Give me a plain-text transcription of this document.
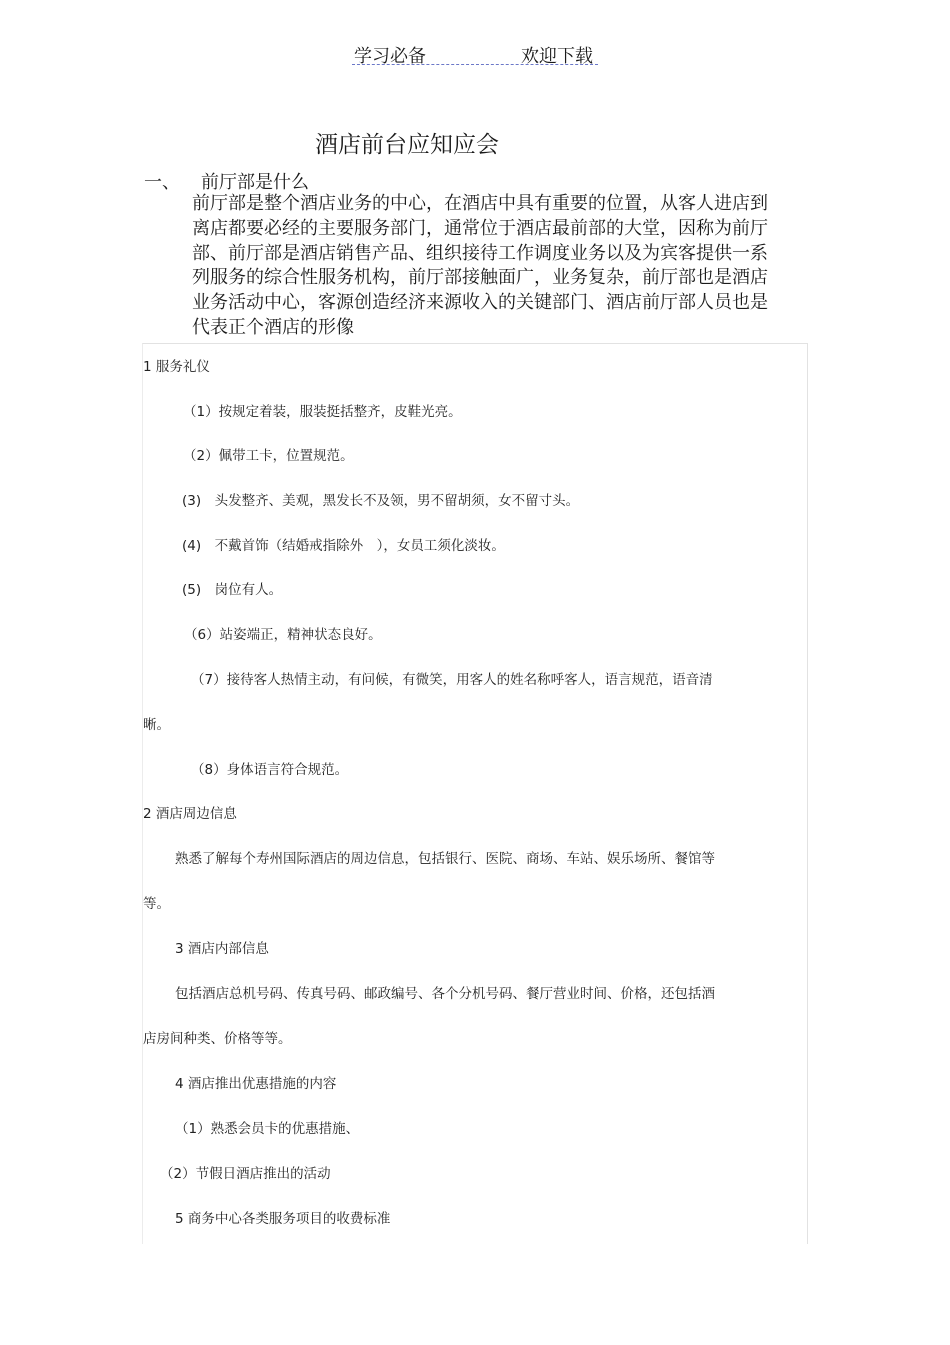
学习必备	欢迎下载
酒店前台应知应会
一、 前厅部是什么
前厅部是整个酒店业务的中心，在酒店中具有重要的位置，从客人进店到
离店都要必经的主要服务部门，通常位于酒店最前部的大堂，因称为前厅
部、前厅部是酒店销售产品、组织接待工作调度业务以及为宾客提供一系
列服务的综合性服务机构，前厅部接触面广，业务复杂，前厅部也是酒店
业务活动中心，客源创造经济来源收入的关键部门、酒店前厅部人员也是
代表正个酒店的形像
1 服务礼仪
（1）按规定着装，服装挺括整齐，皮鞋光亮。
（2）佩带工卡，位置规范。
(3)　头发整齐、美观，黑发长不及领，男不留胡须，女不留寸头。
(4)　不戴首饰（结婚戒指除外　），女员工须化淡妆。
(5)　岗位有人。
（6）站姿端正，精神状态良好。
（7）接待客人热情主动，有问候，有微笑，用客人的姓名称呼客人，语言规范，语音清
晰。
（8）身体语言符合规范。
2 酒店周边信息
熟悉了解每个寿州国际酒店的周边信息，包括银行、医院、商场、车站、娱乐场所、餐馆等
等。
3 酒店内部信息
包括酒店总机号码、传真号码、邮政编号、各个分机号码、餐厅营业时间、价格，还包括酒
店房间种类、价格等等。
4 酒店推出优惠措施的内容
（1）熟悉会员卡的优惠措施、
（2）节假日酒店推出的活动
5 商务中心各类服务项目的收费标准
